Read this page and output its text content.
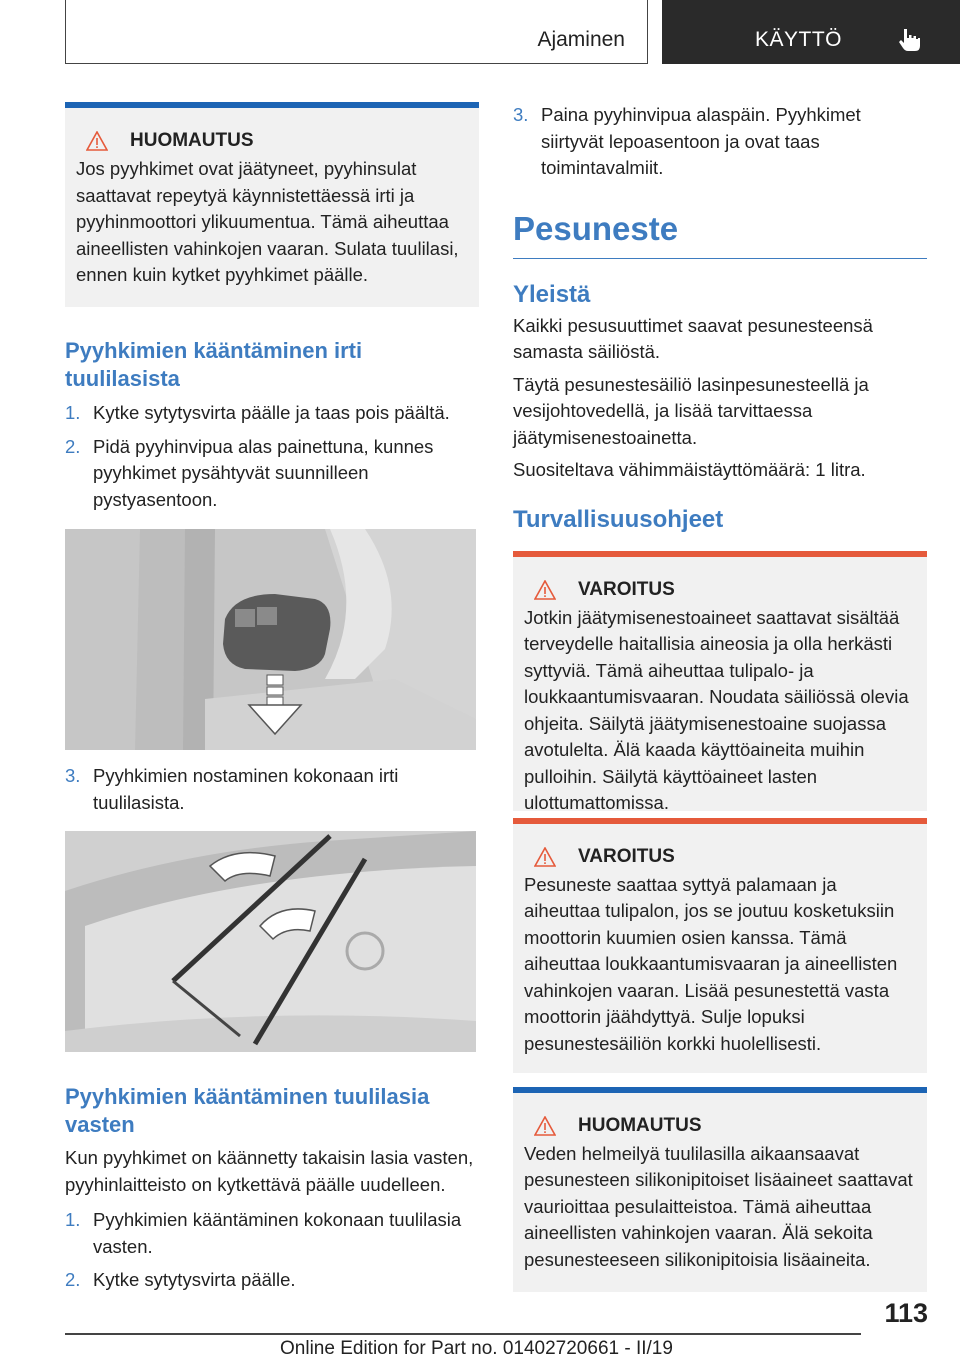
Ajaminen	KÄYTTÖ
HUOMAUTUS

Jos pyyhkimet ovat jäätyneet, pyyhinsulat saattavat repeytyä käynnistettäessä irti ja pyyhinmoottori ylikuumentua. Tämä aiheuttaa aineellisten vahinkojen vaaran. Sulata tuulilasi, ennen kuin kytket pyyhkimet päälle.

Pyyhkimien kääntäminen irti tuulilasista
1. Kytke sytytysvirta päälle ja taas pois päältä.
2. Pidä pyyhinvipua alas painettuna, kunnes pyyhkimet pysähtyvät suunnilleen pystyasentoon.
3. Pyyhkimien nostaminen kokonaan irti tuulilasista.
Pyyhkimien kääntäminen tuulilasia vasten

Kun pyyhkimet on käännetty takaisin lasia vasten, pyyhinlaitteisto on kytkettävä päälle uudelleen.

1. Pyyhkimien kääntäminen kokonaan tuulilasia vasten.
2. Kytke sytytysvirta päälle.
3. Paina pyyhinvipua alaspäin. Pyyhkimet siirtyvät lepoasentoon ja ovat taas toimintavalmiit.
Pesuneste
Yleistä

Kaikki pesusuuttimet saavat pesunesteensä samasta säiliöstä.

Täytä pesunestesäiliö lasinpesunesteellä ja vesijohtovedellä, ja lisää tarvittaessa jäätymisenestoainetta.

Suositeltava vähimmäistäyttömäärä: 1 litra.

Turvallisuusohjeet
VAROITUS

Jotkin jäätymisenestoaineet saattavat sisältää terveydelle haitallisia aineosia ja olla herkästi syttyviä. Tämä aiheuttaa tulipalo- ja loukkaantumisvaaran. Noudata säiliössä olevia ohjeita. Säilytä jäätymisenestoaine suojassa avotulelta. Älä kaada käyttöaineita muihin pulloihin. Säilytä käyttöaineet lasten ulottumattomissa.

VAROITUS

Pesuneste saattaa syttyä palamaan ja aiheuttaa tulipalon, jos se joutuu kosketuksiin moottorin kuumien osien kanssa. Tämä aiheuttaa loukkaantumisvaaran ja aineellisten vahinkojen vaaran. Lisää pesunestettä vasta moottorin jäähdyttyä. Sulje lopuksi pesunestesäiliön korkki huolellisesti.

HUOMAUTUS

Veden helmeilyä tuulilasilla aikaansaavat pesunesteen silikonipitoiset lisäaineet saattavat vaurioittaa pesulaitteistoa. Tämä aiheuttaa aineellisten vahinkojen vaaran. Älä sekoita pesunesteeseen silikonipitoisia lisäaineita.

113
Online Edition for Part no. 01402720661 - II/19
